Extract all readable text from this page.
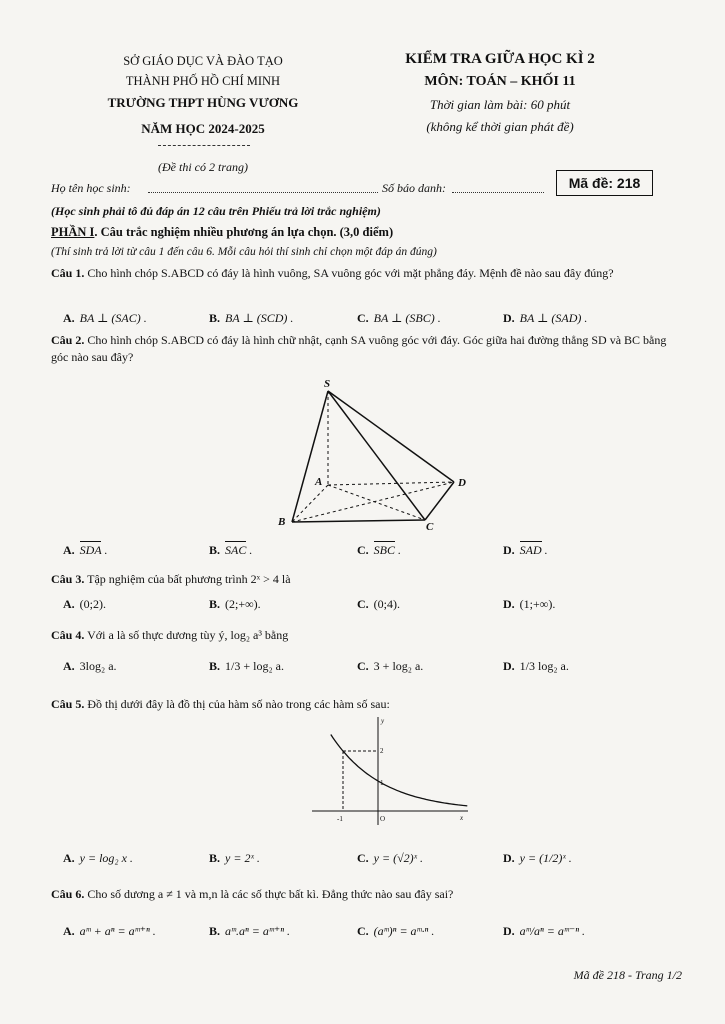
SỞ GIÁO DỤC VÀ ĐÀO TẠO
THÀNH PHỐ HỒ CHÍ MINH
TRƯỜNG THPT HÙNG VƯƠNG
NĂM HỌC 2024-2025
(Đề thi có 2 trang)
KIỂM TRA GIỮA HỌC KÌ 2
MÔN: TOÁN – KHỐI 11
Thời gian làm bài: 60 phút
(không kể thời gian phát đề)
Họ tên học sinh:	Số báo danh:	Mã đề: 218
(Học sinh phải tô đủ đáp án 12 câu trên Phiếu trả lời trắc nghiệm)
PHẦN I. Câu trắc nghiệm nhiều phương án lựa chọn. (3,0 điểm)
(Thí sinh trả lời từ câu 1 đến câu 6. Mỗi câu hỏi thí sinh chỉ chọn một đáp án đúng)
Câu 1. Cho hình chóp S.ABCD có đáy là hình vuông, SA vuông góc với mặt phẳng đáy. Mệnh đề nào sau đây đúng?
A. BA ⊥ (SAC) .	B. BA ⊥ (SCD) .	C. BA ⊥ (SBC) .	D. BA ⊥ (SAD) .
Câu 2. Cho hình chóp S.ABCD có đáy là hình chữ nhật, cạnh SA vuông góc với đáy. Góc giữa hai đường thẳng SD và BC bằng góc nào sau đây?
S
A
B	C
D
A. SDA .	B. SAC .	C. SBC .	D. SAD .
Câu 3. Tập nghiệm của bất phương trình 2ˣ > 4 là
A. (0;2).	B. (2;+∞).	C. (0;4).	D. (1;+∞).
Câu 4. Với a là số thực dương tùy ý, log₂ a³ bằng
A. 3log₂ a.	B. 1/3 + log₂ a.	C. 3 + log₂ a.	D. 1/3 log₂ a.
Câu 5. Đồ thị dưới đây là đồ thị của hàm số nào trong các hàm số sau:
y
x
O
-1
2
1
A. y = log₂ x .	B. y = 2ˣ .	C. y = (√2)ˣ .	D. y = (1/2)ˣ .
Câu 6. Cho số dương a ≠ 1 và m,n là các số thực bất kì. Đẳng thức nào sau đây sai?
A. aᵐ + aⁿ = aᵐ⁺ⁿ .	B. aᵐ.aⁿ = aᵐ⁺ⁿ .	C. (aᵐ)ⁿ = aᵐ·ⁿ .	D. aᵐ/aⁿ = aᵐ⁻ⁿ .
Mã đề 218 - Trang 1/2
